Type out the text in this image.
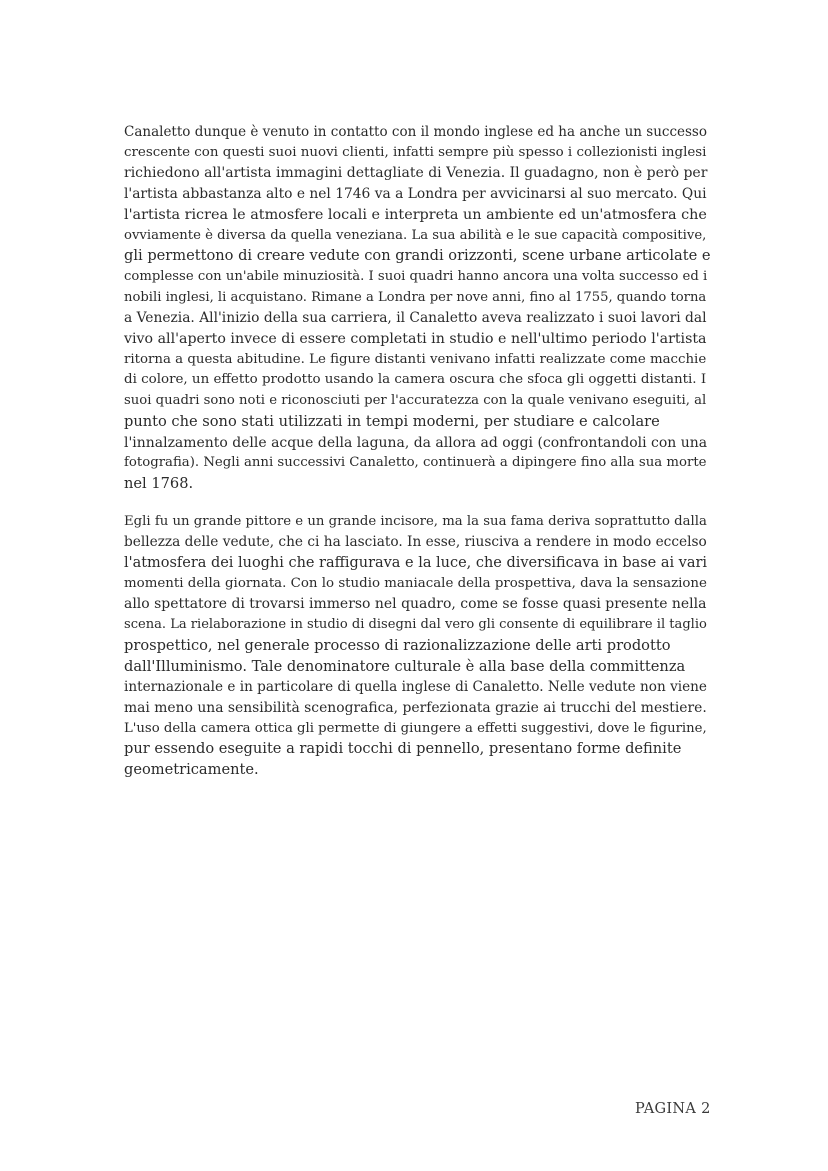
Canaletto dunque è venuto in contatto con il mondo inglese ed ha anche un successo
crescente con questi suoi nuovi clienti, infatti sempre più spesso i collezionisti inglesi
richiedono all'artista immagini dettagliate di Venezia. Il guadagno, non è però per
l'artista abbastanza alto e nel 1746 va a Londra per avvicinarsi al suo mercato. Qui
l'artista ricrea le atmosfere locali e interpreta un ambiente ed un'atmosfera che
ovviamente è diversa da quella veneziana. La sua abilità e le sue capacità compositive,
gli permettono di creare vedute con grandi orizzonti, scene urbane articolate e
complesse con un'abile minuziosità. I suoi quadri hanno ancora una volta successo ed i
nobili inglesi, li acquistano. Rimane a Londra per nove anni, fino al 1755, quando torna
a Venezia. All'inizio della sua carriera, il Canaletto aveva realizzato i suoi lavori dal
vivo all'aperto invece di essere completati in studio e nell'ultimo periodo l'artista
ritorna a questa abitudine. Le figure distanti venivano infatti realizzate come macchie
di colore, un effetto prodotto usando la camera oscura che sfoca gli oggetti distanti. I
suoi quadri sono noti e riconosciuti per l'accuratezza con la quale venivano eseguiti, al
punto che sono stati utilizzati in tempi moderni, per studiare e calcolare
l'innalzamento delle acque della laguna, da allora ad oggi (confrontandoli con una
fotografia). Negli anni successivi Canaletto, continuerà a dipingere fino alla sua morte
nel 1768.

Egli fu un grande pittore e un grande incisore, ma la sua fama deriva soprattutto dalla
bellezza delle vedute, che ci ha lasciato. In esse, riusciva a rendere in modo eccelso
l'atmosfera dei luoghi che raffigurava e la luce, che diversificava in base ai vari
momenti della giornata. Con lo studio maniacale della prospettiva, dava la sensazione
allo spettatore di trovarsi immerso nel quadro, come se fosse quasi presente nella
scena. La rielaborazione in studio di disegni dal vero gli consente di equilibrare il taglio
prospettico, nel generale processo di razionalizzazione delle arti prodotto
dall'Illuminismo. Tale denominatore culturale è alla base della committenza
internazionale e in particolare di quella inglese di Canaletto. Nelle vedute non viene
mai meno una sensibilità scenografica, perfezionata grazie ai trucchi del mestiere.
L'uso della camera ottica gli permette di giungere a effetti suggestivi, dove le figurine,
pur essendo eseguite a rapidi tocchi di pennello, presentano forme definite
geometricamente.

PAGINA 2
